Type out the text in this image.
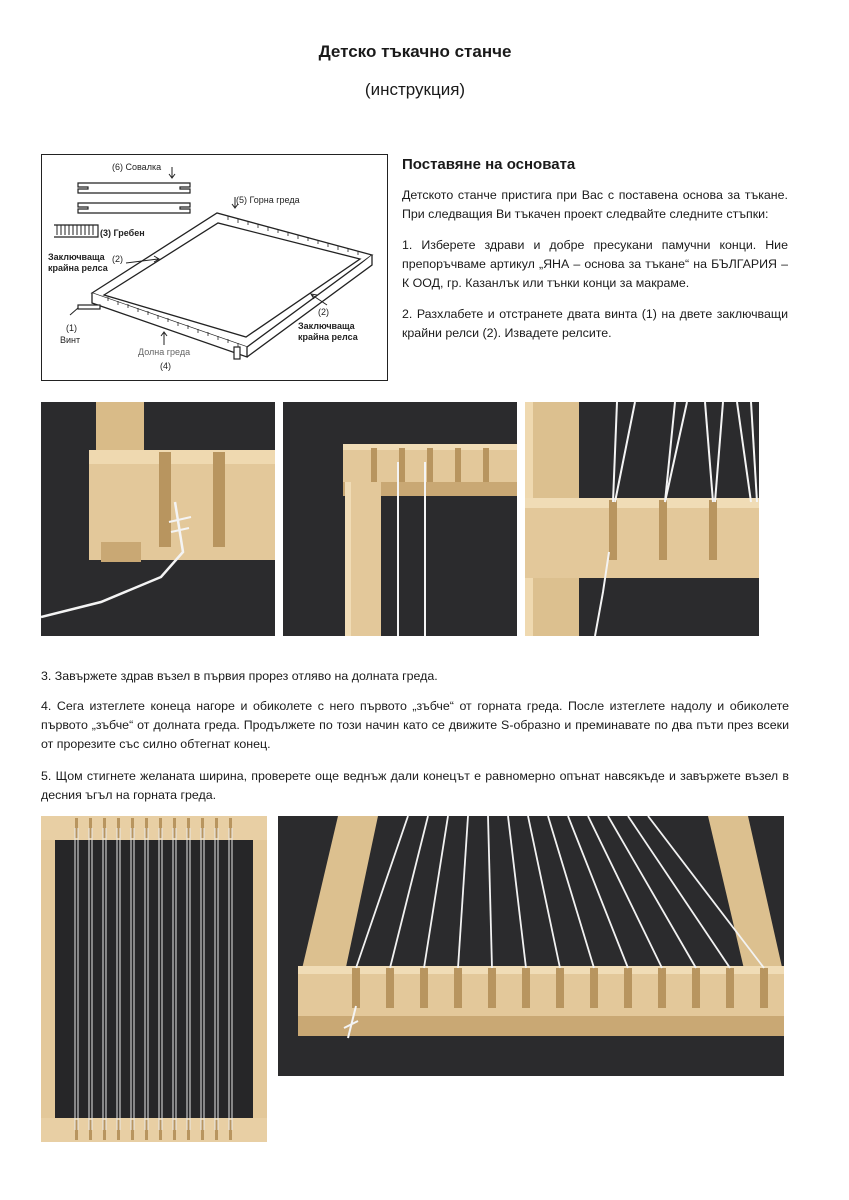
Детско тъкачно станче
(инструкция)
(6) Совалка
(5) Горна греда
(3) Гребен
Заключваща (2)
крайна релса
(1)
Винт
Долна греда
(4)
(2)
Заключваща
крайна релса
Поставяне на основата
Детското станче пристига при Вас с поставена основа за тъкане. При следващия Ви тъкачен проект следвайте следните стъпки:
1. Изберете здрави и добре пресукани памучни конци. Ние препоръчваме артикул „ЯНА – основа за тъкане“ на БЪЛГАРИЯ – К ООД, гр. Казанлък или тънки конци за макраме.
2. Разхлабете и отстранете двата винта (1) на двете заключващи крайни релси (2). Извадете релсите.
3. Завържете здрав възел в първия прорез отляво на долната греда.
4. Сега изтеглете конеца нагоре и обиколете с него първото „зъбче“ от горната греда. После изтеглете надолу и обиколете първото „зъбче“ от долната греда. Продължете по този начин като се движите S-образно и преминавате по два пъти през всеки от прорезите със силно обтегнат конец.
5. Щом стигнете желаната ширина, проверете още веднъж дали конецът е равномерно опънат навсякъде и завържете възел в десния ъгъл на горната греда.
